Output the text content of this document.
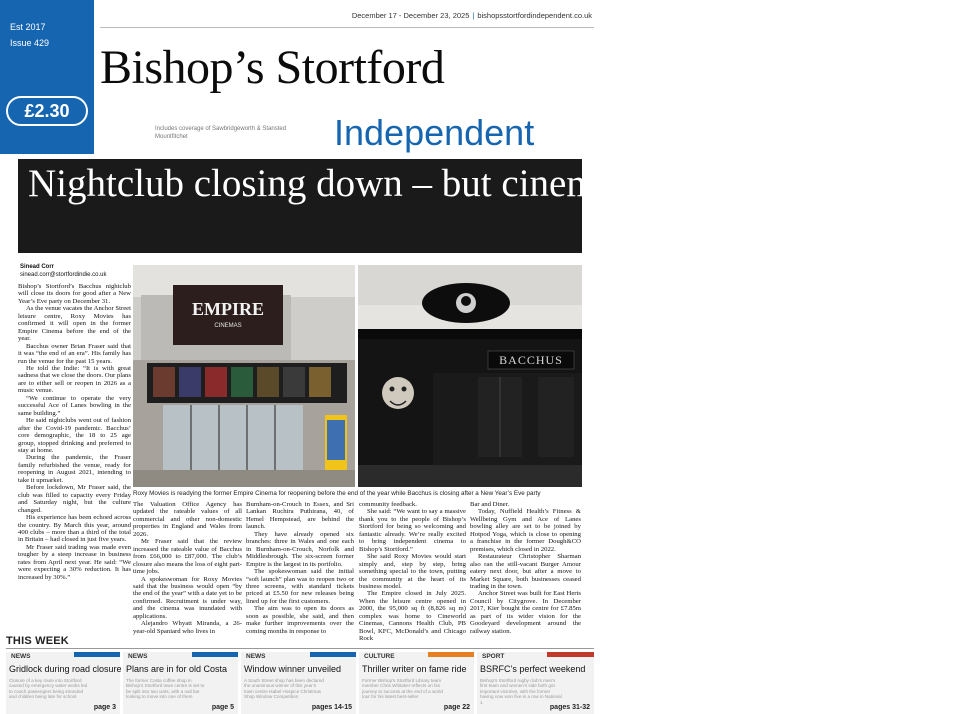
Est 2017
Issue 429
£2.30
December 17 - December 23, 2025 | bishopsstortfordindependent.co.uk
Bishop’s Stortford
Includes coverage of Sawbridgeworth & Stansted Mountfitchet	Independent
Nightclub closing down – but cinema to open by end of year
Sinead Corr
sinead.corr@stortfordindie.co.uk

Bishop’s Stortford’s Bacchus nightclub will close its doors for good after a New Year’s Eve party on December 31.

As the venue vacates the Anchor Street leisure centre, Roxy Movies has confirmed it will open in the former Empire Cinema before the end of the year.

Bacchus owner Brian Fraser said that it was “the end of an era”. His family has run the venue for the past 15 years.

He told the Indie: “It is with great sadness that we close the doors. Our plans are to either sell or reopen in 2026 as a music venue.

“We continue to operate the very successful Ace of Lanes bowling in the same building.”

He said nightclubs went out of fashion after the Covid-19 pandemic. Bacchus’ core demographic, the 18 to 25 age group, stopped drinking and preferred to stay at home.

During the pandemic, the Fraser family refurbished the venue, ready for reopening in August 2021, intending to take it upmarket.

Before lockdown, Mr Fraser said, the club was filled to capacity every Friday and Saturday night, but the culture changed.

His experience has been echoed across the country. By March this year, around 400 clubs – more than a third of the total in Britain – had closed in just five years.

Mr Fraser said trading was made even tougher by a steep increase in business rates from April next year. He said: “We were expecting a 30% reduction. It has increased by 30%.”

The Valuation Office Agency has updated the rateable values of all commercial and other non-domestic properties in England and Wales from 2026.

Mr Fraser said that the review increased the rateable value of Bacchus from £66,000 to £87,000. The club’s closure also means the loss of eight part-time jobs.

A spokeswoman for Roxy Movies said that the business would open “by the end of the year” with a date yet to be confirmed. Recruitment is under way, and the cinema was inundated with applications.

Alejandro Whyatt Miranda, a 26-year-old Spaniard who lives in

Burnham-on-Crouch in Essex, and Sri Lankan Ruchira Puthirana, 40, of Hemel Hempstead, are behind the launch.

They have already opened six branches: three in Wales and one each in Burnham-on-Crouch, Norfolk and Middlesbrough. The six-screen former Empire is the largest in its portfolio.

The spokeswoman said the initial “soft launch” plan was to reopen two or three screens, with standard tickets priced at £5.50 for new releases being lined up for the first customers.

The aim was to open its doors as soon as possible, she said, and then make further improvements over the coming months in response to

community feedback.

She said: “We want to say a massive thank you to the people of Bishop’s Stortford for being so welcoming and fantastic already. We’re really excited to bring independent cinema to Bishop’s Stortford.”

She said Roxy Movies would start simply and, step by step, bring something special to the town, putting the community at the heart of its business model.

The Empire closed in July 2025. When the leisure centre opened in 2000, the 95,000 sq ft (8,826 sq m) complex was home to Cineworld Cinemas, Cannons Health Club, PB Bowl, KFC, McDonald’s and Chicago Rock

Bar and Diner.

Today, Nuffield Health’s Fitness & Wellbeing Gym and Ace of Lanes bowling alley are set to be joined by Hotpod Yoga, which is close to opening a franchise in the former Dough&CO premises, which closed in 2022.

Restaurateur Christopher Sharman also ran the still-vacant Burger Amour eatery next door, but after a move to Market Square, both businesses ceased trading in the town.

Anchor Street was built for East Herts Council by Citygrove. In December 2017, Kier bought the centre for £7.85m as part of its wider vision for the Goodeyard development around the railway station.

EMPIRE
CINEMAS
BACCHUS
Roxy Movies is readying the former Empire Cinema for reopening before the end of the year while Bacchus is closing after a New Year’s Eve party
THIS WEEK
NEWS
Gridlock during road closure
Closure of a key route into Stortford caused by emergency water works led to coach passengers being stranded and children being late for school
page 3
NEWS
Plans are in for old Costa
The former Costa coffee shop in Bishop’s Stortford town centre is set to be split into two units, with a nail bar looking to move into one of them
page 5
NEWS
Window winner unveiled
A South Street shop has been declared the unanimous winner of this year’s town centre Isabel Hospice Christmas Shop Window Competition
pages 14-15
CULTURE
Thriller writer on fame ride
Former Bishop’s Stortford Library team member Chris Whitaker reflects on his journey to success at the end of a world tour for his latest best-seller
page 22
SPORT
BSRFC’s perfect weekend
Bishop’s Stortford rugby club’s men’s first team and women’s side both got important victories, with the former having now won five in a row in National 1
pages 31-32
